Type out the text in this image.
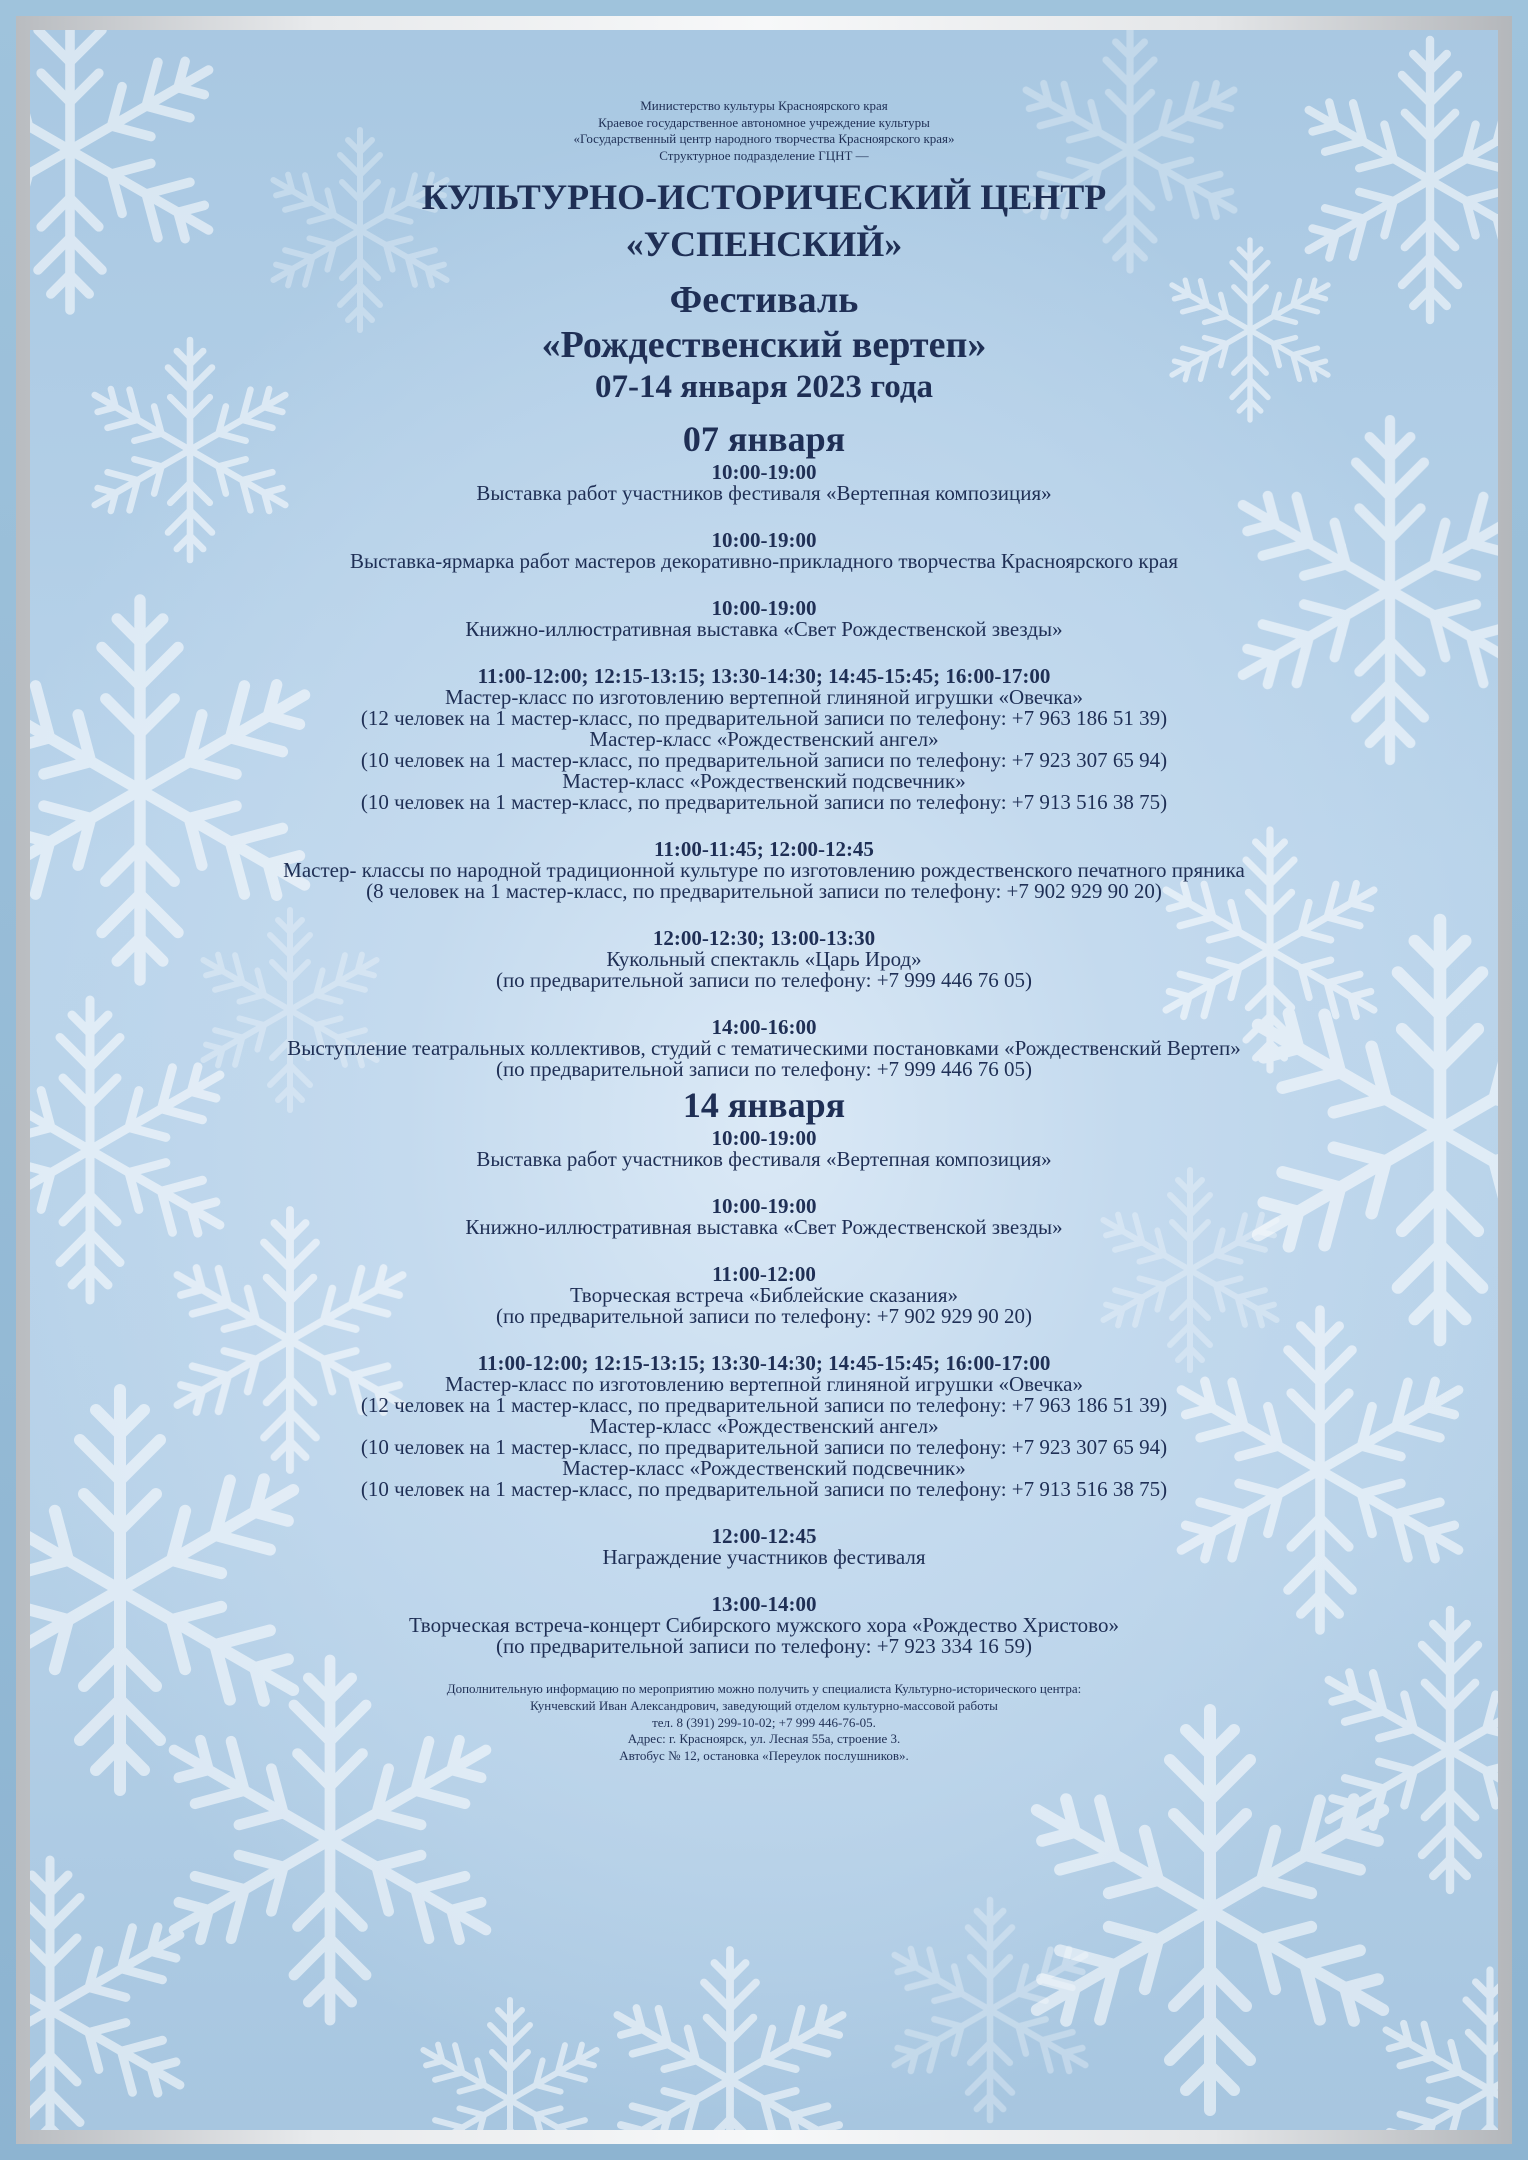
Министерство культуры Красноярского края
Краевое государственное автономное учреждение культуры
«Государственный центр народного творчества Красноярского края»
Структурное подразделение ГЦНТ —
КУЛЬТУРНО-ИСТОРИЧЕСКИЙ ЦЕНТР
«УСПЕНСКИЙ»
Фестиваль
«Рождественский вертеп»
07-14 января 2023 года
07 января
10:00-19:00
Выставка работ участников фестиваля «Вертепная композиция»
10:00-19:00
Выставка-ярмарка работ мастеров декоративно-прикладного творчества Красноярского края
10:00-19:00
Книжно-иллюстративная выставка «Свет Рождественской звезды»
11:00-12:00; 12:15-13:15; 13:30-14:30; 14:45-15:45; 16:00-17:00
Мастер-класс по изготовлению вертепной глиняной игрушки «Овечка»
(12 человек на 1 мастер-класс, по предварительной записи по телефону: +7 963 186 51 39)
Мастер-класс «Рождественский ангел»
(10 человек на 1 мастер-класс, по предварительной записи по телефону: +7 923 307 65 94)
Мастер-класс «Рождественский подсвечник»
(10 человек на 1 мастер-класс, по предварительной записи по телефону: +7 913 516 38 75)
11:00-11:45; 12:00-12:45
Мастер- классы по народной традиционной культуре по изготовлению рождественского печатного пряника
(8 человек на 1 мастер-класс, по предварительной записи по телефону: +7 902 929 90 20)
12:00-12:30; 13:00-13:30
Кукольный спектакль «Царь Ирод»
(по предварительной записи по телефону: +7 999 446 76 05)
14:00-16:00
Выступление театральных коллективов, студий с тематическими постановками «Рождественский Вертеп»
(по предварительной записи по телефону: +7 999 446 76 05)
14 января
10:00-19:00
Выставка работ участников фестиваля «Вертепная композиция»
10:00-19:00
Книжно-иллюстративная выставка «Свет Рождественской звезды»
11:00-12:00
Творческая встреча «Библейские сказания»
(по предварительной записи по телефону: +7 902 929 90 20)
11:00-12:00; 12:15-13:15; 13:30-14:30; 14:45-15:45; 16:00-17:00
Мастер-класс по изготовлению вертепной глиняной игрушки «Овечка»
(12 человек на 1 мастер-класс, по предварительной записи по телефону: +7 963 186 51 39)
Мастер-класс «Рождественский ангел»
(10 человек на 1 мастер-класс, по предварительной записи по телефону: +7 923 307 65 94)
Мастер-класс «Рождественский подсвечник»
(10 человек на 1 мастер-класс, по предварительной записи по телефону: +7 913 516 38 75)
12:00-12:45
Награждение участников фестиваля
13:00-14:00
Творческая встреча-концерт Сибирского мужского хора «Рождество Христово»
(по предварительной записи по телефону: +7 923 334 16 59)
Дополнительную информацию по мероприятию можно получить у специалиста Культурно-исторического центра:
Кунчевский Иван Александрович, заведующий отделом культурно-массовой работы
тел. 8 (391) 299-10-02; +7 999 446-76-05.
Адрес: г. Красноярск, ул. Лесная 55а, строение 3.
Автобус № 12, остановка «Переулок послушников».
